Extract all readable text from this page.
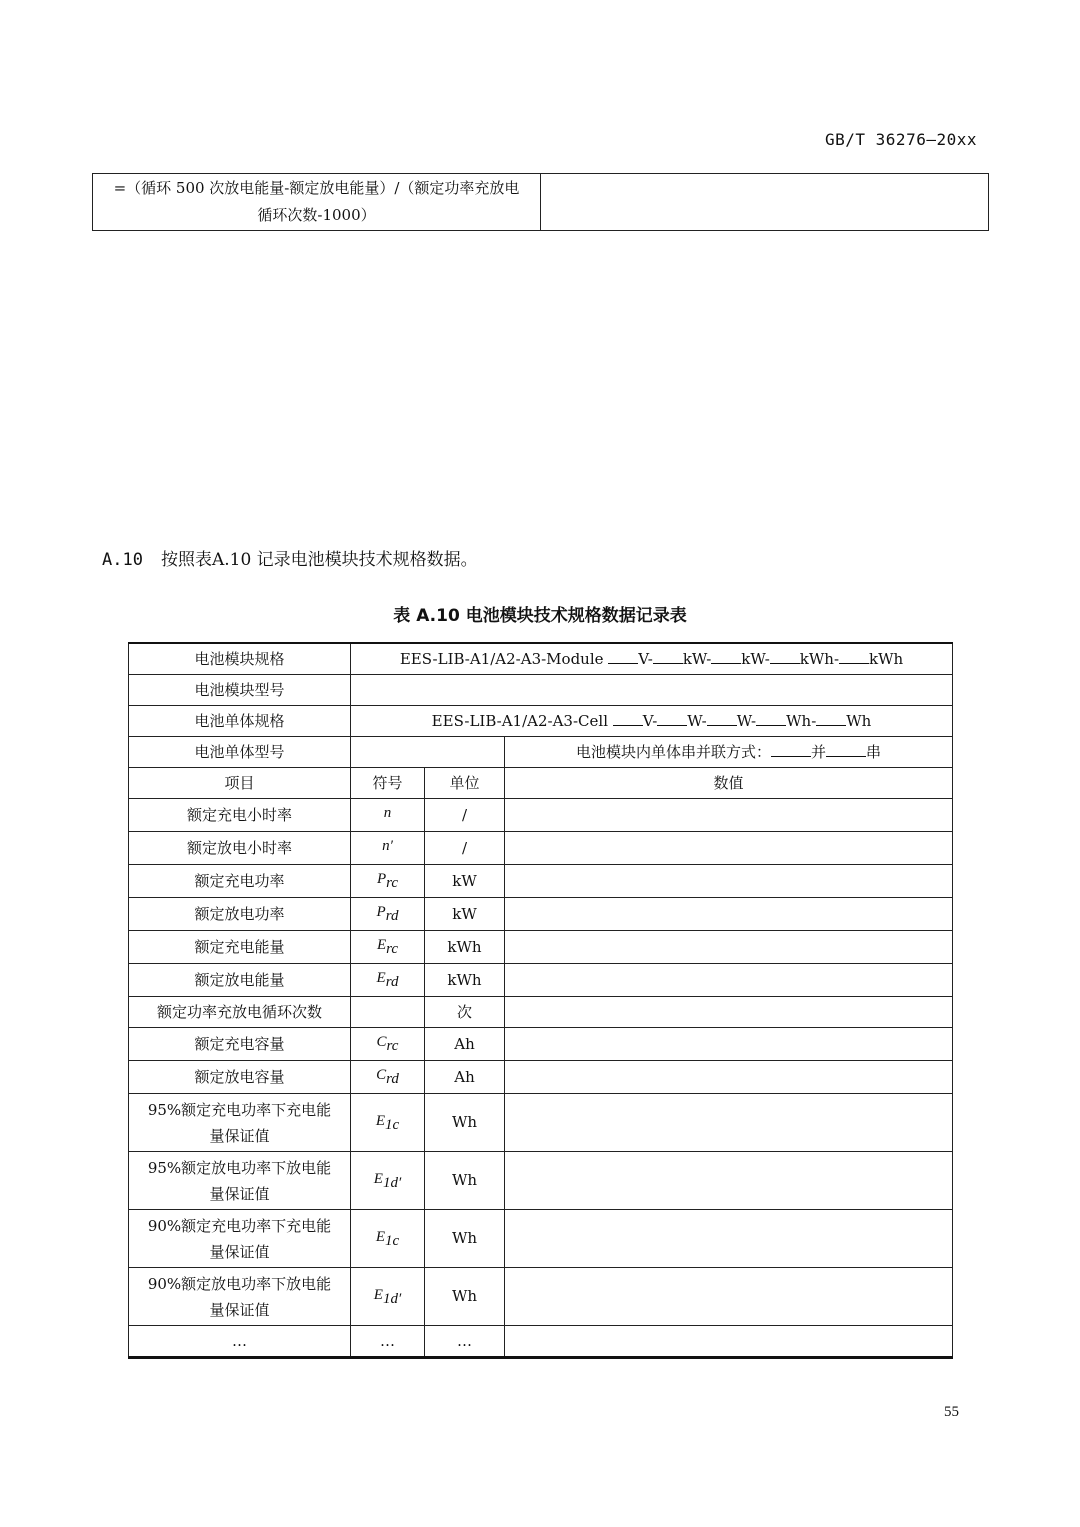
GB/T 36276—20xx
=（循环 500 次放电能量-额定放电能量）/（额定功率充放电
循环次数-1000）

A.10 按照表A.10 记录电池模块技术规格数据。
表 A.10 电池模块技术规格数据记录表
电池模块规格	EES-LIB-A1/A2-A3-Module V- kW- kW- kWh- kWh		
电池模块型号			
电池单体规格	EES-LIB-A1/A2-A3-Cell V- W- W- Wh- Wh		
电池单体型号			电池模块内单体串并联方式： 并 串
项目	符号	单位	数值
额定充电小时率	n	/	
额定放电小时率	n′	/	
额定充电功率	$P_{rc}$	kW	
额定放电功率	$P_{rd}$	kW	
额定充电能量	$E_{rc}$	kWh	
额定放电能量	$E_{rd}$	kWh	
额定功率充放电循环次数		次	
额定充电容量	$C_{rc}$	Ah	
额定放电容量	$C_{rd}$	Ah	

95%额定充电功率下充电能
量保证值	$E_{1c}$	Wh	

95%额定放电功率下放电能
量保证值	$E_{1d'}$	Wh	

90%额定充电功率下充电能
量保证值	$E_{1c}$	Wh	

90%额定放电功率下放电能
量保证值	$E_{1d'}$	Wh	
…	…	…	
55
